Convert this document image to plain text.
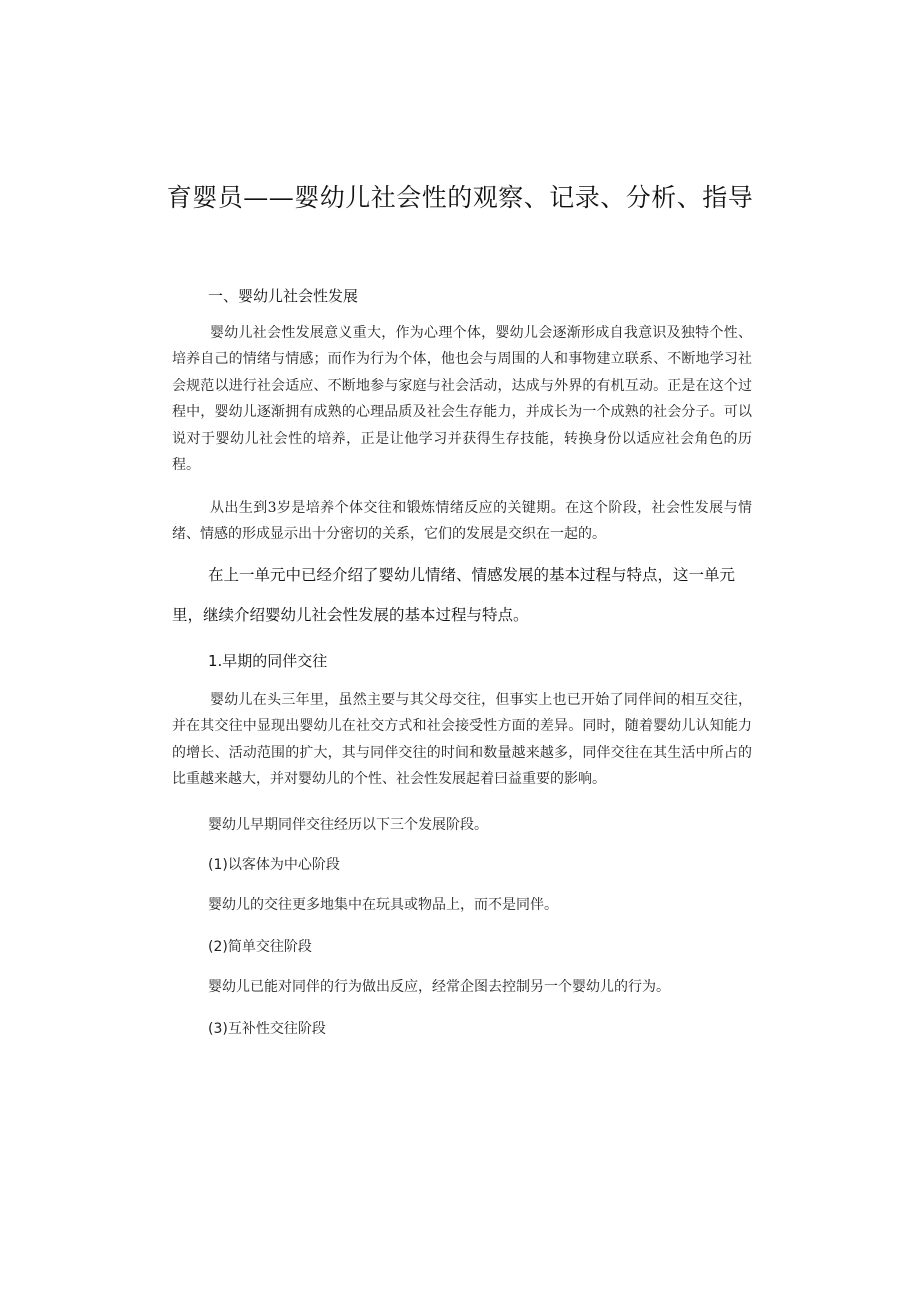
育婴员——婴幼儿社会性的观察、记录、分析、指导
一、婴幼儿社会性发展

婴幼儿社会性发展意义重大，作为心理个体，婴幼儿会逐渐形成自我意识及独特个性、培养自己的情绪与情感；而作为行为个体，他也会与周围的人和事物建立联系、不断地学习社会规范以进行社会适应、不断地参与家庭与社会活动，达成与外界的有机互动。正是在这个过程中，婴幼儿逐渐拥有成熟的心理品质及社会生存能力，并成长为一个成熟的社会分子。可以说对于婴幼儿社会性的培养，正是让他学习并获得生存技能，转换身份以适应社会角色的历程。

从出生到3岁是培养个体交往和锻炼情绪反应的关键期。在这个阶段，社会性发展与情绪、情感的形成显示出十分密切的关系，它们的发展是交织在一起的。

在上一单元中已经介绍了婴幼儿情绪、情感发展的基本过程与特点，这一单元里，继续介绍婴幼儿社会性发展的基本过程与特点。

1.早期的同伴交往

婴幼儿在头三年里，虽然主要与其父母交往，但事实上也已开始了同伴间的相互交往，并在其交往中显现出婴幼儿在社交方式和社会接受性方面的差异。同时，随着婴幼儿认知能力的增长、活动范围的扩大，其与同伴交往的时间和数量越来越多，同伴交往在其生活中所占的比重越来越大，并对婴幼儿的个性、社会性发展起着曰益重要的影响。

婴幼儿早期同伴交往经历以下三个发展阶段。

(1)以客体为中心阶段

婴幼儿的交往更多地集中在玩具或物品上，而不是同伴。

(2)简单交往阶段

婴幼儿已能对同伴的行为做出反应，经常企图去控制另一个婴幼儿的行为。

(3)互补性交往阶段
